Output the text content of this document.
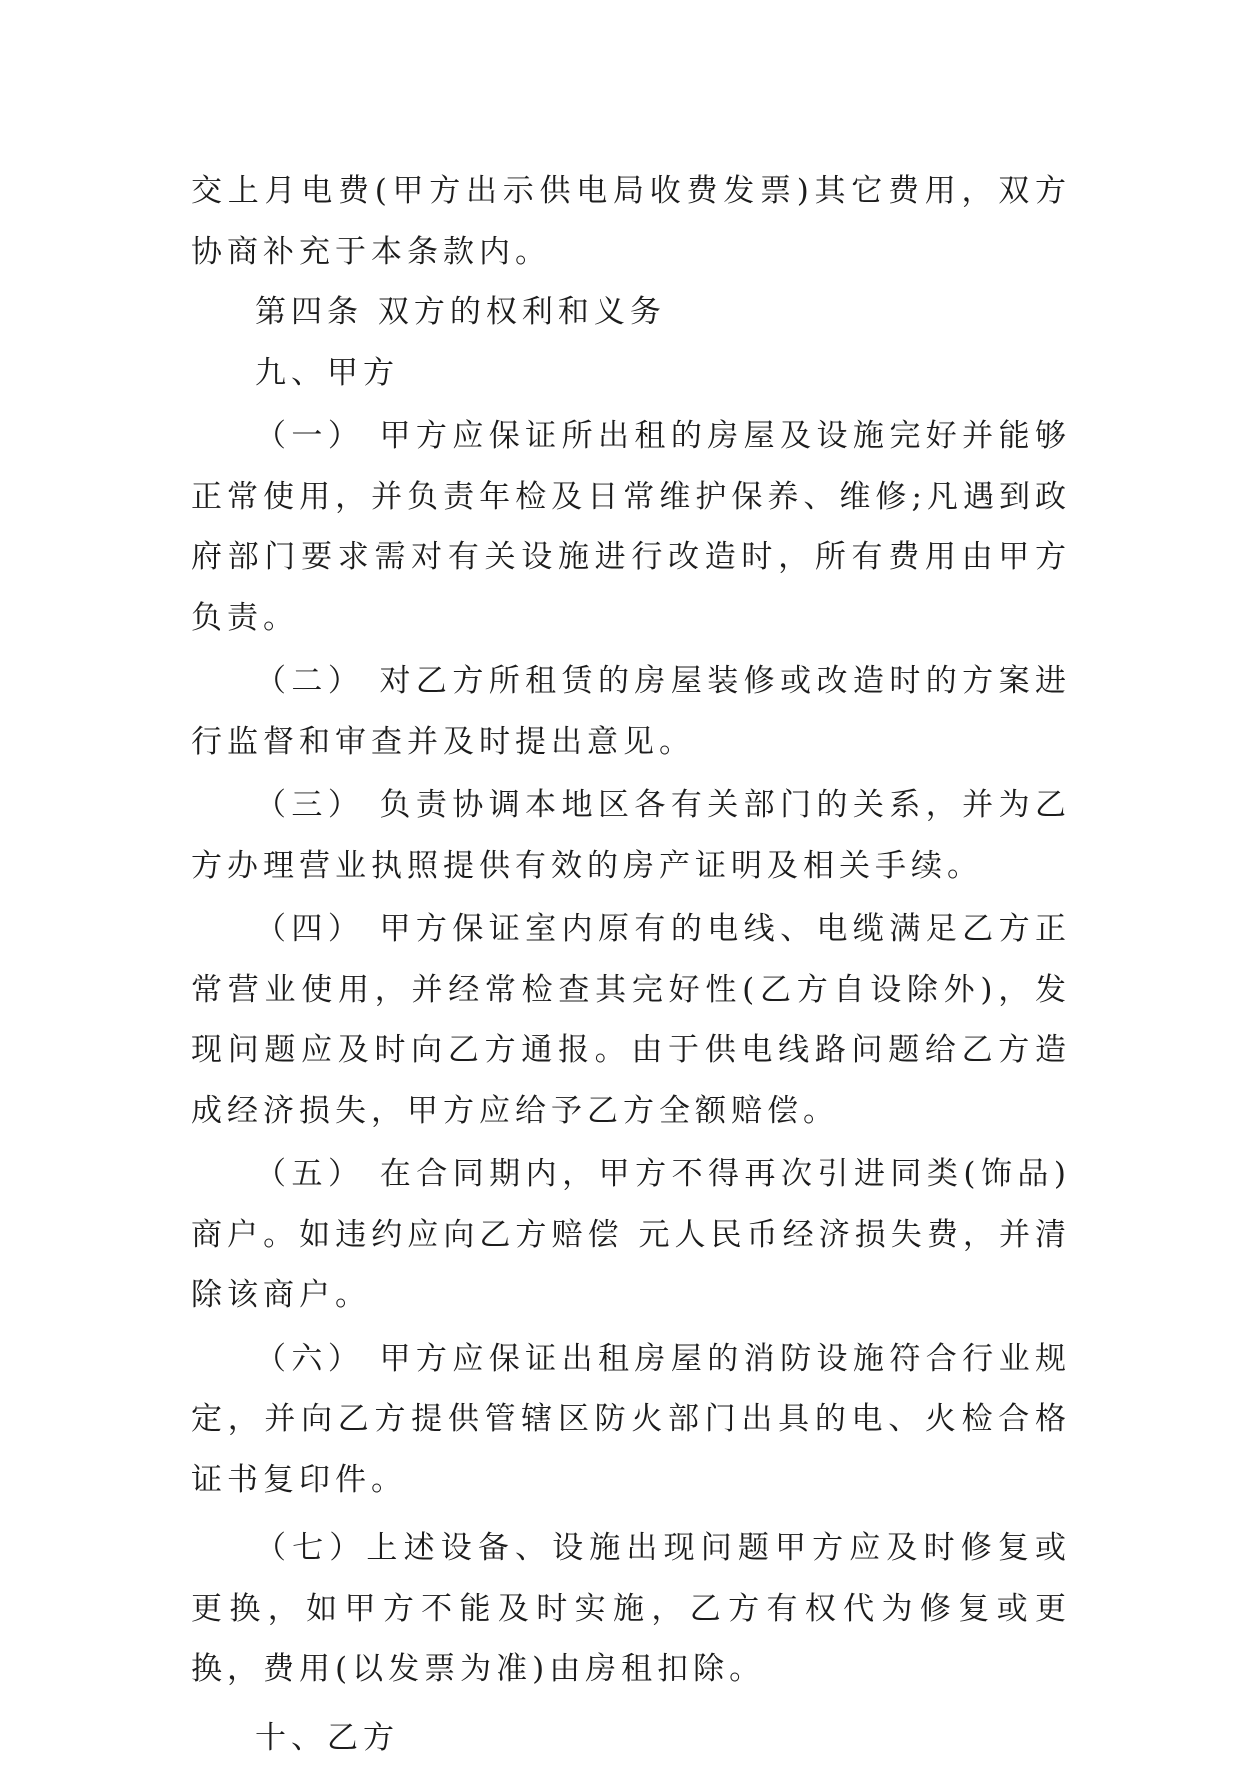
交上月电费(甲方出示供电局收费发票)其它费用，双方协商补充于本条款内。

第四条 双方的权利和义务

九、甲方

（一） 甲方应保证所出租的房屋及设施完好并能够正常使用，并负责年检及日常维护保养、维修;凡遇到政府部门要求需对有关设施进行改造时，所有费用由甲方负责。

（二） 对乙方所租赁的房屋装修或改造时的方案进行监督和审查并及时提出意见。

（三） 负责协调本地区各有关部门的关系，并为乙方办理营业执照提供有效的房产证明及相关手续。

（四） 甲方保证室内原有的电线、电缆满足乙方正常营业使用，并经常检查其完好性(乙方自设除外)，发现问题应及时向乙方通报。由于供电线路问题给乙方造成经济损失，甲方应给予乙方全额赔偿。

（五） 在合同期内，甲方不得再次引进同类(饰品)商户。如违约应向乙方赔偿 元人民币经济损失费，并清除该商户。

（六） 甲方应保证出租房屋的消防设施符合行业规定，并向乙方提供管辖区防火部门出具的电、火检合格证书复印件。

（七）上述设备、设施出现问题甲方应及时修复或更换，如甲方不能及时实施，乙方有权代为修复或更换，费用(以发票为准)由房租扣除。

十、乙方
